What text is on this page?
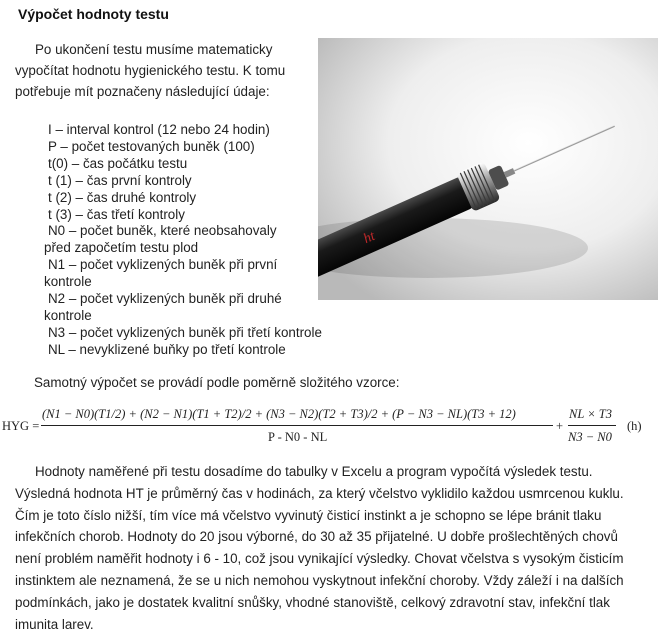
Výpočet hodnoty testu
Po ukončení testu musíme matematicky vypočítat hodnotu hygienického testu. K tomu potřebuje mít poznačeny následující údaje:
I – interval kontrol (12 nebo 24 hodin)
P – počet testovaných buněk (100)
t(0) – čas počátku testu
t (1) – čas první kontroly
t (2) – čas druhé kontroly
t (3) – čas třetí kontroly
N0 – počet buněk, které neobsahovaly
před započetím testu plod
N1 – počet vyklizených buněk při první
kontrole
N2 – počet vyklizených buněk při druhé
kontrole
N3 – počet vyklizených buněk při třetí kontrole
NL – nevyklizené buňky po třetí kontrole
ht
Samotný výpočet se provádí podle poměrně složitého vzorce:
HYG =
(N1 − N0)(T1/2) + (N2 − N1)(T1 + T2)/2 + (N3 − N2)(T2 + T3)/2 + (P − N3 − NL)(T3 + 12)
P - N0 - NL
+
NL × T3
N3 − N0
(h)
Hodnoty naměřené při testu dosadíme do tabulky v Excelu a program vypočítá výsledek testu. Výsledná hodnota HT je průměrný čas v hodinách, za který včelstvo vyklidilo každou usmrcenou kuklu. Čím je toto číslo nižší, tím více má včelstvo vyvinutý čisticí instinkt a je schopno se lépe bránit tlaku infekčních chorob. Hodnoty do 20 jsou výborné, do 30 až 35 přijatelné. U dobře prošlechtěných chovů není problém naměřit hodnoty i 6 - 10, což jsou vynikající výsledky. Chovat včelstva s vysokým čisticím instinktem ale neznamená, že se u nich nemohou vyskytnout infekční choroby. Vždy záleží i na dalších podmínkách, jako je dostatek kvalitní snůšky, vhodné stanoviště, celkový zdravotní stav, infekční tlak imunita larev.
